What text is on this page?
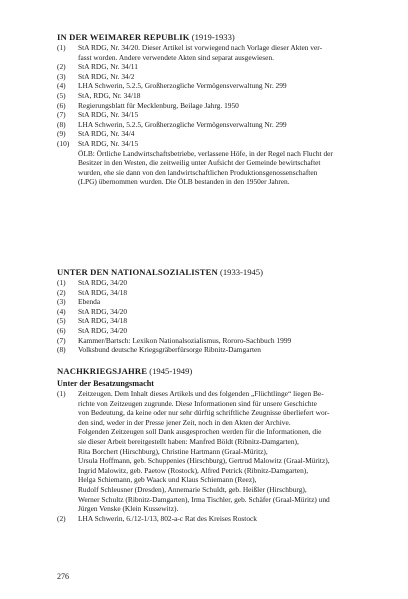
IN DER WEIMARER REPUBLIK (1919-1933)
(1) StA RDG, Nr. 34/20. Dieser Artikel ist vorwiegend nach Vorlage dieser Akten ver-
fasst worden. Andere verwendete Akten sind separat ausgewiesen.
(2) StA RDG, Nr. 34/11
(3) StA RDG, Nr. 34/2
(4) LHA Schwerin, 5.2.5, Großherzogliche Vermögensverwaltung Nr. 299
(5) StA, RDG, Nr. 34/18
(6) Regierungsblatt für Mecklenburg, Beilage Jahrg. 1950
(7) StA RDG, Nr. 34/15
(8) LHA Schwerin, 5.2.5, Großherzogliche Vermögensverwaltung Nr. 299
(9) StA RDG, Nr. 34/4
(10) StA RDG, Nr. 34/15
ÖLB: Örtliche Landwirtschaftsbetriebe, verlassene Höfe, in der Regel nach Flucht der
Besitzer in den Westen, die zeitweilig unter Aufsicht der Gemeinde bewirtschaftet
wurden, ehe sie dann von den landwirtschaftlichen Produktionsgenossenschaften
(LPG) übernommen wurden. Die ÖLB bestanden in den 1950er Jahren.
UNTER DEN NATIONALSOZIALISTEN (1933-1945)
(1) StA RDG, 34/20
(2) StA RDG, 34/18
(3) Ebenda
(4) StA RDG, 34/20
(5) StA RDG, 34/18
(6) StA RDG, 34/20
(7) Kammer/Bartsch: Lexikon Nationalsozialismus, Rororo-Sachbuch 1999
(8) Volksbund deutsche Kriegsgräberfürsorge Ribnitz-Damgarten
NACHKRIEGSJAHRE (1945-1949)
Unter der Besatzungsmacht
(1) Zeitzeugen. Dem Inhalt dieses Artikels und des folgenden „Flüchtlinge“ liegen Be-
richte von Zeitzeugen zugrunde. Diese Informationen sind für unsere Geschichte
von Bedeutung, da keine oder nur sehr dürftig schriftliche Zeugnisse überliefert wor-
den sind, weder in der Presse jener Zeit, noch in den Akten der Archive.
Folgenden Zeitzeugen soll Dank ausgesprochen werden für die Informationen, die
sie dieser Arbeit bereitgestellt haben: Manfred Böldt (Ribnitz-Damgarten),
Rita Borchert (Hirschburg), Christine Hartmann (Graal-Müritz),
Ursula Hoffmann, geb. Schuppenies (Hirschburg), Gertrud Malowitz (Graal-Müritz),
Ingrid Malowitz, geb. Paetow (Rostock), Alfred Petrick (Ribnitz-Damgarten),
Helga Schiemann, geb Waack und Klaus Schiemann (Reez),
Rudolf Schleusner (Dresden), Annemarie Schuldt, geb. Heißler (Hirschburg),
Werner Schultz (Ribnitz-Damgarten), Irma Tischler, geb. Schäfer (Graal-Müritz) und
Jürgen Venske (Klein Kussewitz).
(2) LHA Schwerin, 6./12-1/13, 802-a-c Rat des Kreises Rostock
276
